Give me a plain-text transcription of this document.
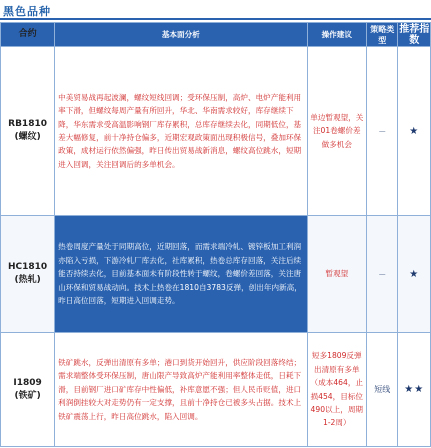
黑色品种
合约	基本面分析	操作建议	策略类型	推荐指数

RB1810
(螺纹)	中美贸易战再起波澜，螺纹短线回调；受环保压制，高炉、电炉产能利用率下滑，但螺纹每周产量有所回升，华北、华南需求较好，库存继续下降，华东需求受高温影响钢厂库存累积，总库存继续去化，同期低位，基差大幅修复，前十净持仓偏多，近期宏观政策面出现积极信号，叠加环保政策，成材运行依然偏强，昨日传出贸易战新消息，螺纹高位跳水，短期进入回调，关注回调后的多单机会。	单边暂观望，关注01卷螺价差做多机会	－	★

HC1810
(热轧)	热卷周度产量处于同期高位，近期回落，而需求端冷轧、镀锌板加工利润亦陷入亏损，下游冷轧厂库去化，社库累积，热卷总库存回落，关注后续能否持续去化，目前基本面未有阶段性转于螺纹，卷螺价差回落，关注唐山环保和贸易战动向。技术上热卷在1810自3783反弹，创出年内新高，昨日高位回落，短期进入回调走势。	暂观望	－	★

I1809
(铁矿)	铁矿跳水，反弹出清原有多单；港口到货开始回升，供应阶段回落终结；需求端整体受环保压制，唐山限产导致高炉产能利用率整体走低，日耗下滑，目前钢厂进口矿库存中性偏低，补库意愿不强；但人民币贬值，进口利润倒挂较大对走势仍有一定支撑，且前十净持仓已被多头占据。技术上铁矿震荡上行，昨日高位跳水，陷入回调。	短多1809反弹出清原有多单（成本464，止损454，目标位490以上，周期1-2周）	短线	★★
